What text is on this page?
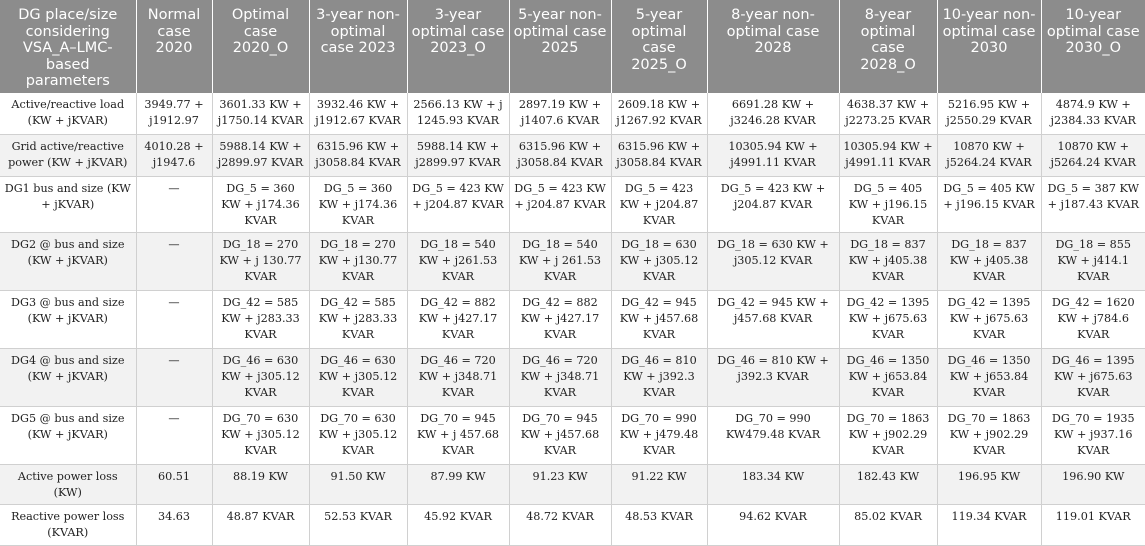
DG place/size considering VSA_A–LMC-based parameters	Normal case 2020	Optimal case 2020_O	3-year non-optimal case 2023	3-year optimal case 2023_O	5-year non-optimal case 2025	5-year optimal case 2025_O	8-year non-optimal case 2028	8-year optimal case 2028_O	10-year non-optimal case 2030	10-year optimal case 2030_O
Active/reactive load (KW + jKVAR)	3949.77 + j1912.97	3601.33 KW + j1750.14 KVAR	3932.46 KW + j1912.67 KVAR	2566.13 KW + j 1245.93 KVAR	2897.19 KW + j1407.6 KVAR	2609.18 KW + j1267.92 KVAR	6691.28 KW + j3246.28 KVAR	4638.37 KW + j2273.25 KVAR	5216.95 KW + j2550.29 KVAR	4874.9 KW + j2384.33 KVAR
Grid active/reactive power (KW + jKVAR)	4010.28 + j1947.6	5988.14 KW + j2899.97 KVAR	6315.96 KW + j3058.84 KVAR	5988.14 KW + j2899.97 KVAR	6315.96 KW + j3058.84 KVAR	6315.96 KW + j3058.84 KVAR	10305.94 KW + j4991.11 KVAR	10305.94 KW + j4991.11 KVAR	10870 KW + j5264.24 KVAR	10870 KW + j5264.24 KVAR
DG1 bus and size (KW + jKVAR)	—	DG_5 = 360 KW + j174.36 KVAR	DG_5 = 360 KW + j174.36 KVAR	DG_5 = 423 KW + j204.87 KVAR	DG_5 = 423 KW + j204.87 KVAR	DG_5 = 423 KW + j204.87 KVAR	DG_5 = 423 KW + j204.87 KVAR	DG_5 = 405 KW + j196.15 KVAR	DG_5 = 405 KW + j196.15 KVAR	DG_5 = 387 KW + j187.43 KVAR
DG2 @ bus and size (KW + jKVAR)	—	DG_18 = 270 KW + j 130.77 KVAR	DG_18 = 270 KW + j130.77 KVAR	DG_18 = 540 KW + j261.53 KVAR	DG_18 = 540 KW + j 261.53 KVAR	DG_18 = 630 KW + j305.12 KVAR	DG_18 = 630 KW + j305.12 KVAR	DG_18 = 837 KW + j405.38 KVAR	DG_18 = 837 KW + j405.38 KVAR	DG_18 = 855 KW + j414.1 KVAR
DG3 @ bus and size (KW + jKVAR)	—	DG_42 = 585 KW + j283.33 KVAR	DG_42 = 585 KW + j283.33 KVAR	DG_42 = 882 KW + j427.17 KVAR	DG_42 = 882 KW + j427.17 KVAR	DG_42 = 945 KW + j457.68 KVAR	DG_42 = 945 KW + j457.68 KVAR	DG_42 = 1395 KW + j675.63 KVAR	DG_42 = 1395 KW + j675.63 KVAR	DG_42 = 1620 KW + j784.6 KVAR
DG4 @ bus and size (KW + jKVAR)	—	DG_46 = 630 KW + j305.12 KVAR	DG_46 = 630 KW + j305.12 KVAR	DG_46 = 720 KW + j348.71 KVAR	DG_46 = 720 KW + j348.71 KVAR	DG_46 = 810 KW + j392.3 KVAR	DG_46 = 810 KW + j392.3 KVAR	DG_46 = 1350 KW + j653.84 KVAR	DG_46 = 1350 KW + j653.84 KVAR	DG_46 = 1395 KW + j675.63 KVAR
DG5 @ bus and size (KW + jKVAR)	—	DG_70 = 630 KW + j305.12 KVAR	DG_70 = 630 KW + j305.12 KVAR	DG_70 = 945 KW + j 457.68 KVAR	DG_70 = 945 KW + j457.68 KVAR	DG_70 = 990 KW + j479.48 KVAR	DG_70 = 990 KW479.48 KVAR	DG_70 = 1863 KW + j902.29 KVAR	DG_70 = 1863 KW + j902.29 KVAR	DG_70 = 1935 KW + j937.16 KVAR
Active power loss (KW)	60.51	88.19 KW	91.50 KW	87.99 KW	91.23 KW	91.22 KW	183.34 KW	182.43 KW	196.95 KW	196.90 KW
Reactive power loss (KVAR)	34.63	48.87 KVAR	52.53 KVAR	45.92 KVAR	48.72 KVAR	48.53 KVAR	94.62 KVAR	85.02 KVAR	119.34 KVAR	119.01 KVAR
